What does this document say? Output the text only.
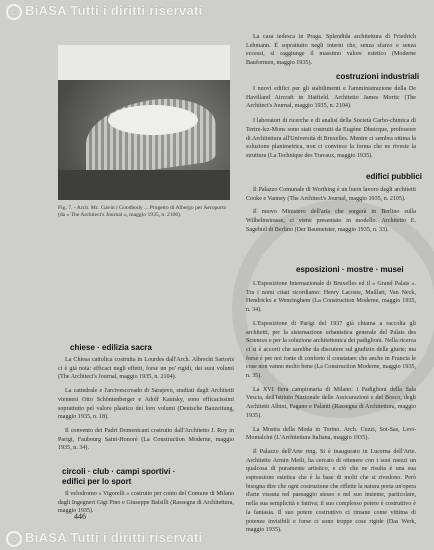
© BiASA Tutti i diritti riservati
Fig. 7. - Arch. Mc. Gavin i Goodbody ... Progetto di Albergo per Aeroporto (da « The Architect's Journal », maggio 1935, n. 2106).

La casa tedesca in Praga. Splendida architettura di Friedrich Lehmann. È soprattutto negli interni che, senza sfarzo e senza eccessi, si raggiunge il massimo valore estetico (Moderne Bauformen, maggio 1935).

costruzioni industriali

I nuovi edifici per gli stabilimenti e l'amministrazione della De Havilland Aircraft in Hatfield. Architetto James Mortic (The Architect's Journal, maggio 1935, n. 2104).

I laboratori di ricerche e di analisi della Società Carbo-chimica di Tertre-lez-Mons sono stati costruiti da Eugène Dhuicque, professore di Architettura all'Università di Bruxelles. Mentre ci sembra ottima la soluzione planimetrica, non ci convince la forma che ne riveste la struttura (La Technique des Travaux, maggio 1935).

edifici pubblici

Il Palazzo Comunale di Worthing è un buon lavoro degli architetti Cooke e Vanney (The Architect's Journal, maggio 1935, n. 2105).

Il nuovo Ministero dell'aria che sorgerà in Berlino sulla Wilhelmstrasse, ci viene presentato in modello. Architetto E. Sagebiel di Berlino (Der Baumeister, maggio 1935, n. 33).

esposizioni · mostre · musei

L'Esposizione Internazionale di Bruxelles ed il « Grand Palais ». Tra i nomi citati ricordiamo: Henry Lacoste, Maillart, Van Neck, Hendrickx e Wenzinghem (La Construction Moderne, maggio 1935, n. 34).

L'Esposizione di Parigi del 1937 già chiama a raccolta gli architetti, per la sistemazione urbanistica generale del Palais des Sciences e per la soluzione architettonica dei padiglioni. Nella ricerca ci si è accorti che sarebbe da discutere sul giudizio delle giurie; ma forse è per noi fonte di conforto il constatare che anche in Francia le cose non vanno molto bene (La Construction Moderne, maggio 1935, n. 35).

La XVI fiera campionaria di Milano: i Padiglioni della Sala Vescia, dell'Istituto Nazionale delle Assicurazioni e del Bosco, degli Architetti Albini, Pagano e Palanti (Rassegna di Architettura, maggio 1935).

La Mostra della Moda in Torino. Arch. Cuzzi, Sot-Sas, Levi-Montalcini (L'Architettura Italiana, maggio 1935).

Il Palazzo dell'Arte ring. Si è inaugurato in Lucerna dell'Arte. Architetto Armin Meili, ha cercato di ottenere con i suoi mezzi un qualcosa di puramente artistico, e ciò che ne risulta è una sua espressione estetica che è la base di molti che si rivedono. Però bisogna dire che ogni costruzione che riflette la natura porta un'opera d'arte vissuta nel paesaggio stesso e nel suo insieme, particolare, nella sua semplicità e fattiva; il suo complesso potere è costruttivo è la fantasia. Il suo potere costruttivo ci rimane come vittima di potenze invisibili e forse ci sono troppe cose rigide (Das Werk, maggio 1935).

chiese · edilizia sacra

La Chiesa cattolica costruita in Lourdes dall'Arch. Albrecht Sartoris ci è già nota: efficaci negli effetti, forse un po' rigidi, dei suoi volumi (The Architect's Journal, maggio 1935, n. 2104).

La cattedrale e l'arcivescovado di Sarajevo, studiati dagli Architetti viennesi Otto Schöntenberger e Adolf Kautsky, sono efficacissimi soprattutto pel valore plastico dei loro volumi (Deutsche Bauzeitung, maggio 1935, n. 18).

Il convento dei Padri Domenicani costruito dall'Architetto J. Roy in Parigi, Faubourg Saint-Honoré (La Construction Moderne, maggio 1935, n. 34).

circoli · club · campi sportivi · edifici per lo sport

Il velodromo « Vigorelli » costruito per conto del Comune di Milano dagli Ingegneri Gigi Pino e Giuseppe Balsilli (Rassegna di Architettura, maggio 1935).

446
© BiASA Tutti i diritti riservati
